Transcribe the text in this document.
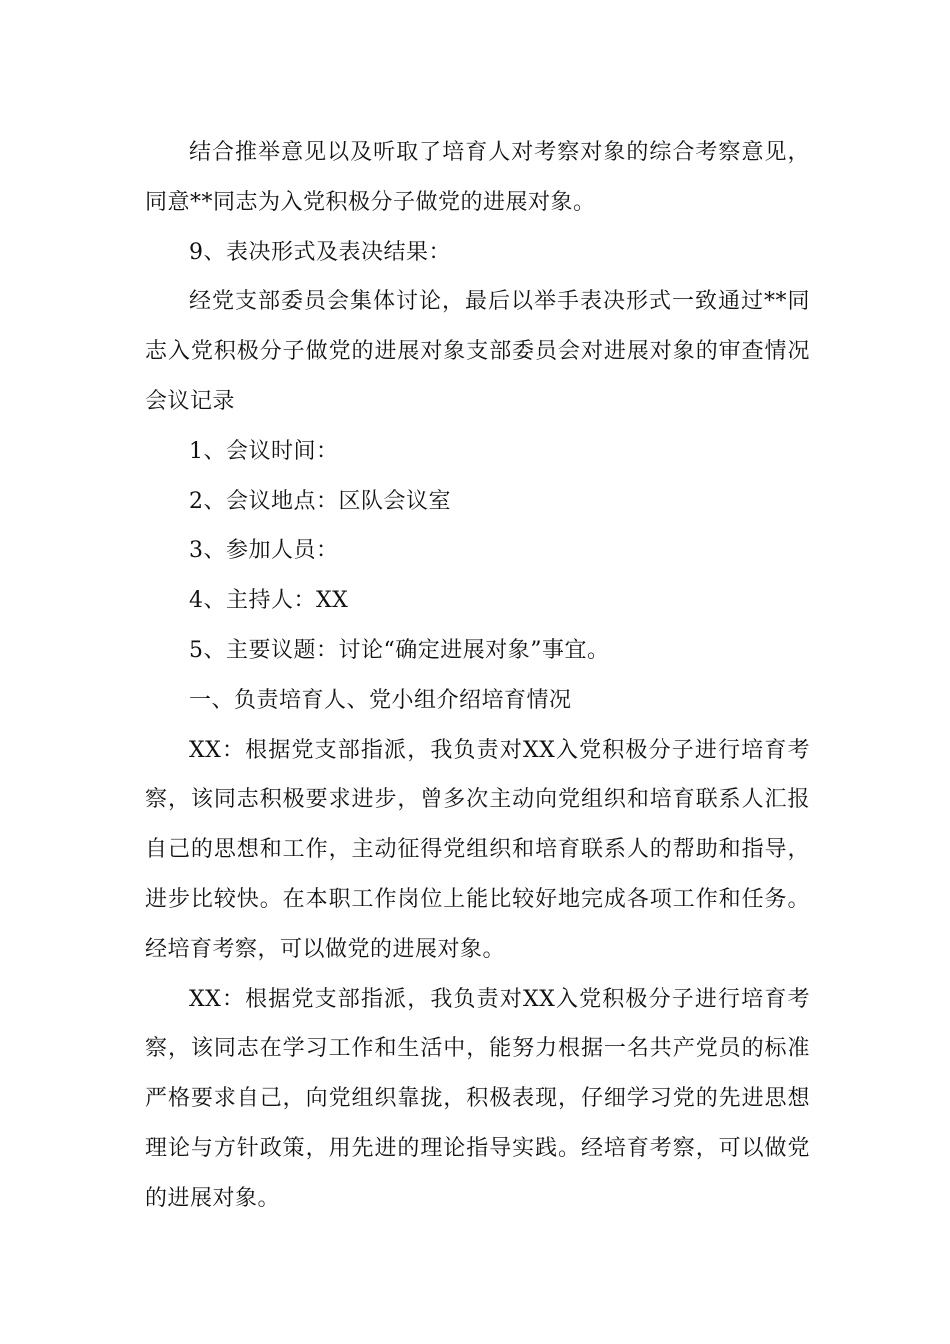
结合推举意见以及听取了培育人对考察对象的综合考察意见，同意**同志为入党积极分子做党的进展对象。

9、表决形式及表决结果：

经党支部委员会集体讨论，最后以举手表决形式一致通过**同志入党积极分子做党的进展对象支部委员会对进展对象的审查情况会议记录

1、会议时间：

2、会议地点：区队会议室

3、参加人员：

4、主持人：XX

5、主要议题：讨论“确定进展对象”事宜。

一、负责培育人、党小组介绍培育情况

XX：根据党支部指派，我负责对XX入党积极分子进行培育考察，该同志积极要求进步，曾多次主动向党组织和培育联系人汇报自己的思想和工作，主动征得党组织和培育联系人的帮助和指导，进步比较快。在本职工作岗位上能比较好地完成各项工作和任务。经培育考察，可以做党的进展对象。

XX：根据党支部指派，我负责对XX入党积极分子进行培育考察，该同志在学习工作和生活中，能努力根据一名共产党员的标准严格要求自己，向党组织靠拢，积极表现，仔细学习党的先进思想理论与方针政策，用先进的理论指导实践。经培育考察，可以做党的进展对象。
